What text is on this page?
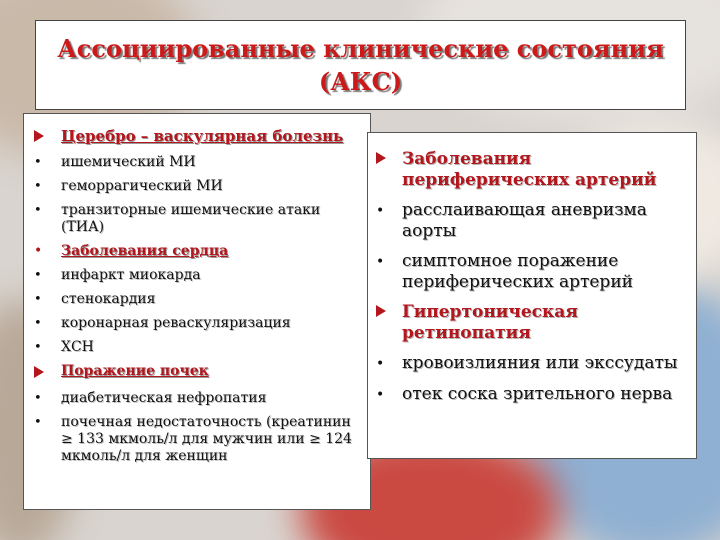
Ассоциированные клинические состояния
(АКС)
Церебро – васкулярная болезнь
•	ишемический МИ
•	геморрагический МИ
•	транзиторные ишемические атаки (ТИА)
•	Заболевания сердца
•	инфаркт миокарда
•	стенокардия
•	коронарная реваскуляризация
•	ХСН
Поражение почек
•	диабетическая нефропатия
•	почечная недостаточность (креатинин ≥ 133 мкмоль/л для мужчин или ≥ 124 мкмоль/л для женщин
Заболевания периферических артерий
•	расслаивающая аневризма аорты
•	симптомное поражение периферических артерий
Гипертоническая ретинопатия
•	кровоизлияния или экссудаты
•	отек соска зрительного нерва
